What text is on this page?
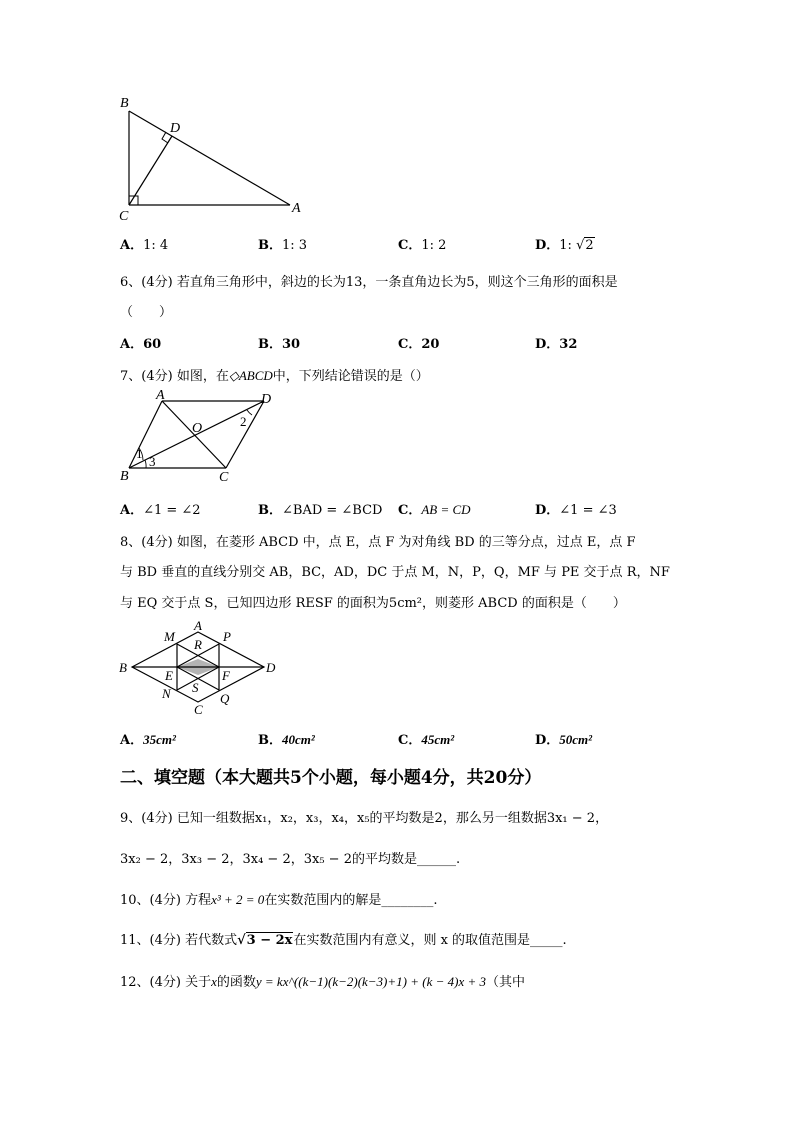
B
D
C
A
A．1: 4	B．1: 3	C．1: 2	D．1: √2
6、(4分) 若直角三角形中，斜边的长为13，一条直角边长为5，则这个三角形的面积是
（　　）
A．60	B．30	C．20	D．32
7、(4分) 如图，在◇ABCD中，下列结论错误的是（）
A	D
O	2
1
3
B	C
A．∠1 = ∠2	B．∠BAD = ∠BCD C．AB = CD	D．∠1 = ∠3
8、(4分) 如图，在菱形 ABCD 中，点 E，点 F 为对角线 BD 的三等分点，过点 E，点 F
与 BD 垂直的直线分别交 AB，BC，AD，DC 于点 M，N，P，Q，MF 与 PE 交于点 R，NF
与 EQ 交于点 S，已知四边形 RESF 的面积为5cm²，则菱形 ABCD 的面积是（　　）
M
A
P
R
B
E	F
D
N S
Q
C
A．35cm²	B．40cm²	C．45cm²	D．50cm²
二、填空题（本大题共5个小题，每小题4分，共20分）
9、(4分) 已知一组数据x₁，x₂，x₃，x₄，x₅的平均数是2，那么另一组数据3x₁ − 2，
3x₂ − 2，3x₃ − 2，3x₄ − 2，3x₅ − 2的平均数是______.
10、(4分) 方程x³ + 2 = 0在实数范围内的解是________.
11、(4分) 若代数式√3 − 2x在实数范围内有意义，则 x 的取值范围是_____.
12、(4分) 关于x的函数y = kx^((k−1)(k−2)(k−3)+1) + (k − 4)x + 3（其中
